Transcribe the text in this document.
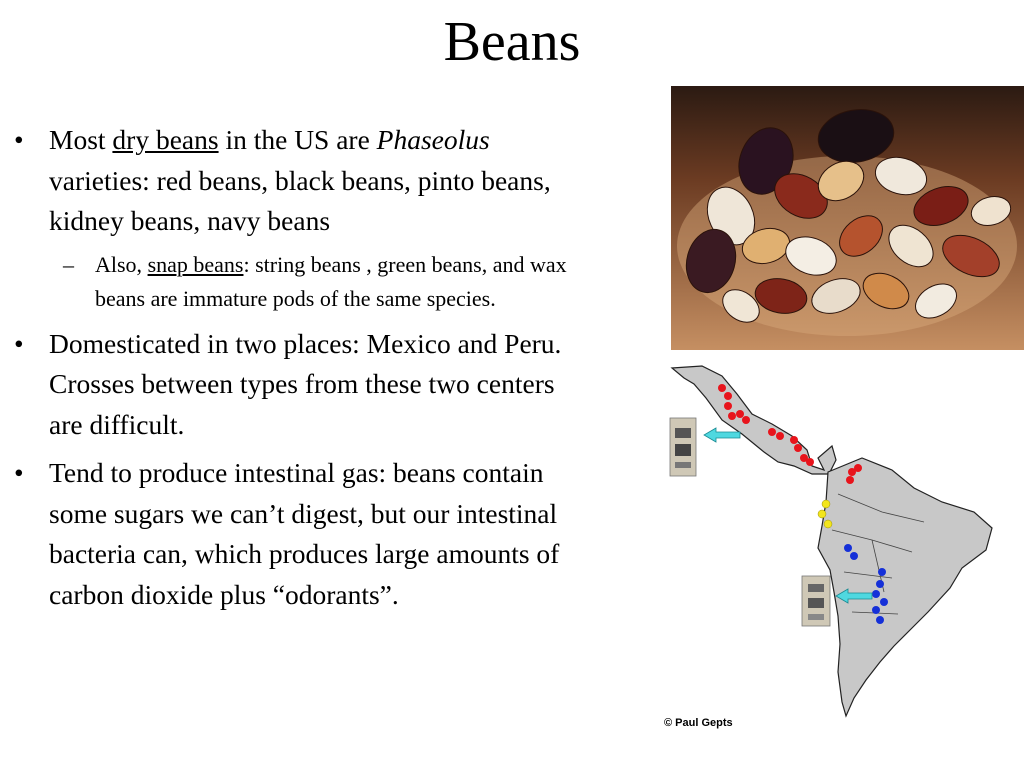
Beans
• Most dry beans in the US are Phaseolus varieties: red beans, black beans, pinto beans, kidney beans, navy beans
– Also, snap beans: string beans , green beans, and wax beans are immature pods of the same species.
• Domesticated in two places: Mexico and Peru. Crosses between types from these two centers are difficult.
• Tend to produce intestinal gas: beans contain some sugars we can’t digest, but our intestinal bacteria can, which produces large amounts of carbon dioxide plus “odorants”.
© Paul Gepts
